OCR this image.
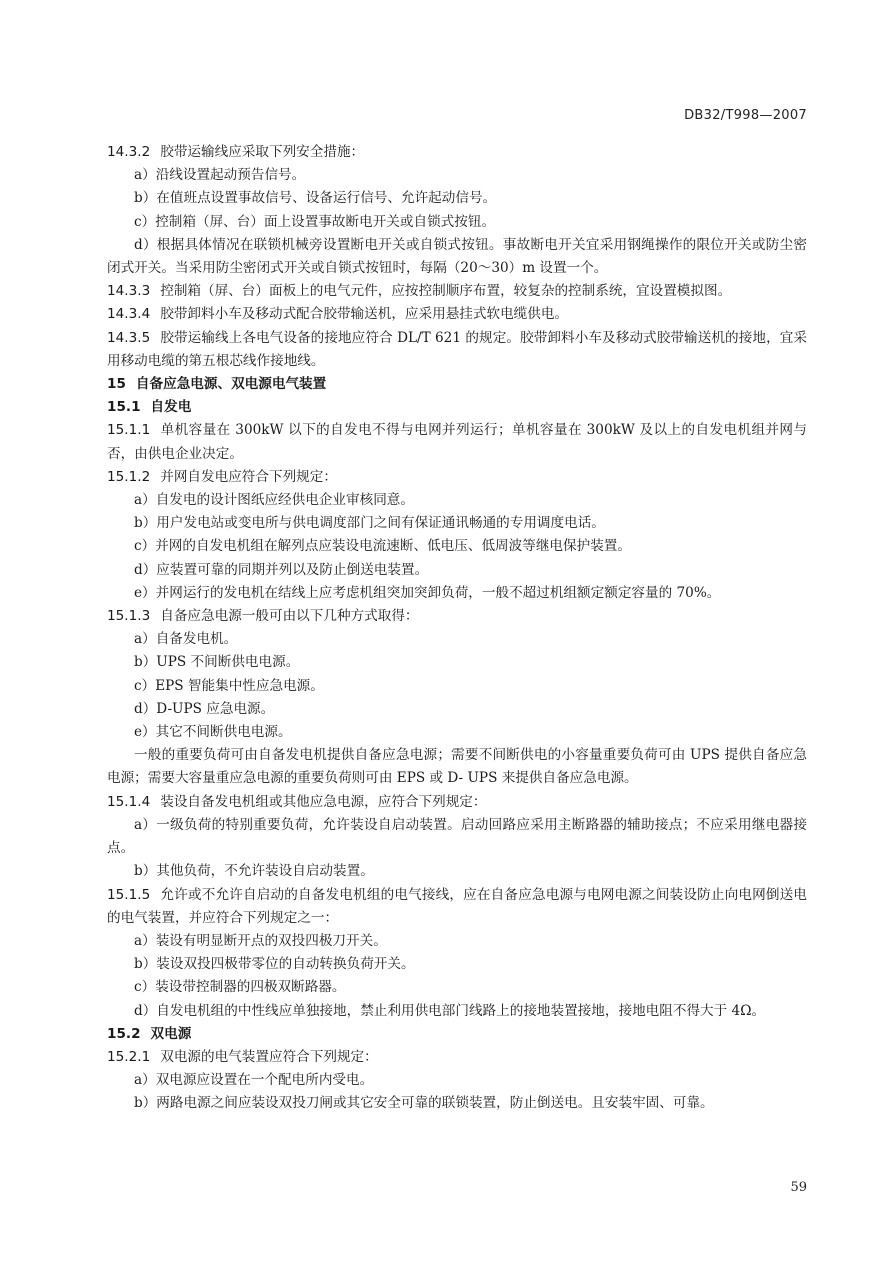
DB32/T998—2007

14.3.2 胶带运输线应采取下列安全措施：

a）沿线设置起动预告信号。

b）在值班点设置事故信号、设备运行信号、允许起动信号。

c）控制箱（屏、台）面上设置事故断电开关或自锁式按钮。

d）根据具体情况在联锁机械旁设置断电开关或自锁式按钮。事故断电开关宜采用钢绳操作的限位开关或防尘密闭式开关。当采用防尘密闭式开关或自锁式按钮时，每隔（20～30）m 设置一个。

14.3.3 控制箱（屏、台）面板上的电气元件，应按控制顺序布置，较复杂的控制系统，宜设置模拟图。

14.3.4 胶带卸料小车及移动式配合胶带输送机，应采用悬挂式软电缆供电。

14.3.5 胶带运输线上各电气设备的接地应符合 DL/T 621 的规定。胶带卸料小车及移动式胶带输送机的接地，宜采用移动电缆的第五根芯线作接地线。

15 自备应急电源、双电源电气装置

15.1 自发电

15.1.1 单机容量在 300kW 以下的自发电不得与电网并列运行；单机容量在 300kW 及以上的自发电机组并网与否，由供电企业决定。

15.1.2 并网自发电应符合下列规定：

a）自发电的设计图纸应经供电企业审核同意。

b）用户发电站或变电所与供电调度部门之间有保证通讯畅通的专用调度电话。

c）并网的自发电机组在解列点应装设电流速断、低电压、低周波等继电保护装置。

d）应装置可靠的同期并列以及防止倒送电装置。

e）并网运行的发电机在结线上应考虑机组突加突卸负荷，一般不超过机组额定额定容量的 70%。

15.1.3 自备应急电源一般可由以下几种方式取得：

a）自备发电机。

b）UPS 不间断供电电源。

c）EPS 智能集中性应急电源。

d）D-UPS 应急电源。

e）其它不间断供电电源。

一般的重要负荷可由自备发电机提供自备应急电源；需要不间断供电的小容量重要负荷可由 UPS 提供自备应急电源；需要大容量重应急电源的重要负荷则可由 EPS 或 D- UPS 来提供自备应急电源。

15.1.4 装设自备发电机组或其他应急电源，应符合下列规定：

a）一级负荷的特别重要负荷，允许装设自启动装置。启动回路应采用主断路器的辅助接点；不应采用继电器接点。

b）其他负荷，不允许装设自启动装置。

15.1.5 允许或不允许自启动的自备发电机组的电气接线，应在自备应急电源与电网电源之间装设防止向电网倒送电的电气装置，并应符合下列规定之一：

a）装设有明显断开点的双投四极刀开关。

b）装设双投四极带零位的自动转换负荷开关。

c）装设带控制器的四极双断路器。

d）自发电机组的中性线应单独接地，禁止利用供电部门线路上的接地装置接地，接地电阻不得大于 4Ω。

15.2 双电源

15.2.1 双电源的电气装置应符合下列规定：

a）双电源应设置在一个配电所内受电。

b）两路电源之间应装设双投刀闸或其它安全可靠的联锁装置，防止倒送电。且安装牢固、可靠。

59
